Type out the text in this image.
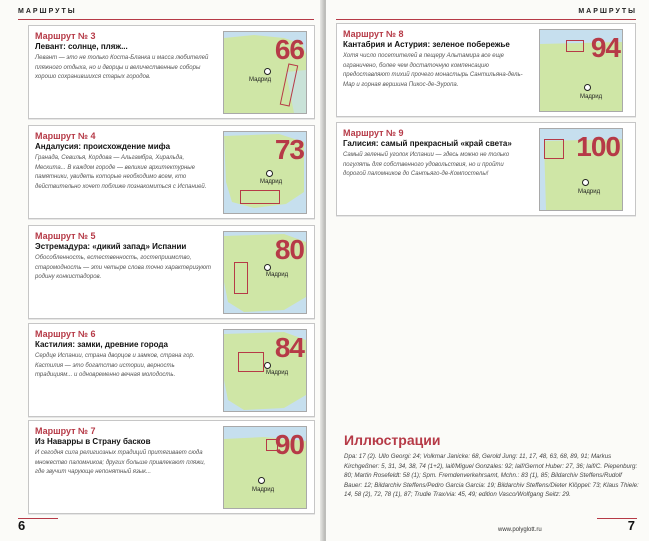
МАРШРУТЫ
Маршрут № 3
Левант: солнце, пляж...
Левант — это не только Коста-Бланка и масса любителей пляжного отдыха, но и дворцы и величественные соборы хорошо сохранившихся старых городов.
66
Мадрид
Маршрут № 4
Андалусия: происхождение мифа
Гранада, Севилья, Кордова — Альгамбра, Хиральда, Мескита... В каждом городе — великие архитектурные памятники, увидеть которые необходимо всем, кто действительно хочет поближе познакомиться с Испанией.
73
Мадрид
Маршрут № 5
Эстремадура: «дикий запад» Испании
Обособленность, естественность, гостеприимство, старомодность — эти четыре слова точно характеризуют родину конкистадоров.
80
Мадрид
Маршрут № 6
Кастилия: замки, древние города
Сердце Испании, страна дворцов и замков, страна гор. Кастилия — это богатство истории, верность традициям... и одновременно вечная молодость.
84
Мадрид
Маршрут № 7
Из Наварры в Страну басков
И сегодня сила религиозных традиций притягивает сюда множество паломников; других больше привлекают пляжи, где звучит чарующе непонятный язык...
90
Мадрид
6
МАРШРУТЫ
Маршрут № 8
Кантабрия и Астурия: зеленое побережье
Хотя число посетителей в пещеру Альтамира все еще ограничено, более чем достаточную компенсацию предоставляют тихий прочего монастырь Сантильяна-дель-Мар и горная вершина Пикос-де-Эуропа.
94
Мадрид
Маршрут № 9
Галисия: самый прекрасный «край света»
Самый зеленый уголок Испании — здесь можно не только погулять для собственного удовольствия, но и пройти дорогой паломников до Сантьяго-де-Компостелы!
100
Мадрид
Иллюстрации
Dpa: 17 (2). Ullo Georgi: 24; Volkmar Janicke: 68, Gerold Jung: 11, 17, 48, 63, 68, 89, 91; Markus Kirchgeßner: 5, 31, 34, 38, 74 (1+2), laif/Miguel Gonzales: 92; laif/Gernot Huber: 27, 36; laif/C. Piepenburg: 80; Martin Rosefeldt: 58 (1); Spm. Fremdenverkehrsamt, Mchn.: 83 (1), 85; Bildarchiv Steffens/Rudolf Bauer: 12; Bildarchiv Steffens/Pedro Garcia Garcia: 19; Bildarchiv Steffens/Dieter Klöppel: 73; Klaus Thiele: 14, 58 (2), 72, 78 (1), 87; Trudie Trax/via: 45, 49; edition Vasco/Wolfgang Seitz: 29.
www.polyglott.ru	7
